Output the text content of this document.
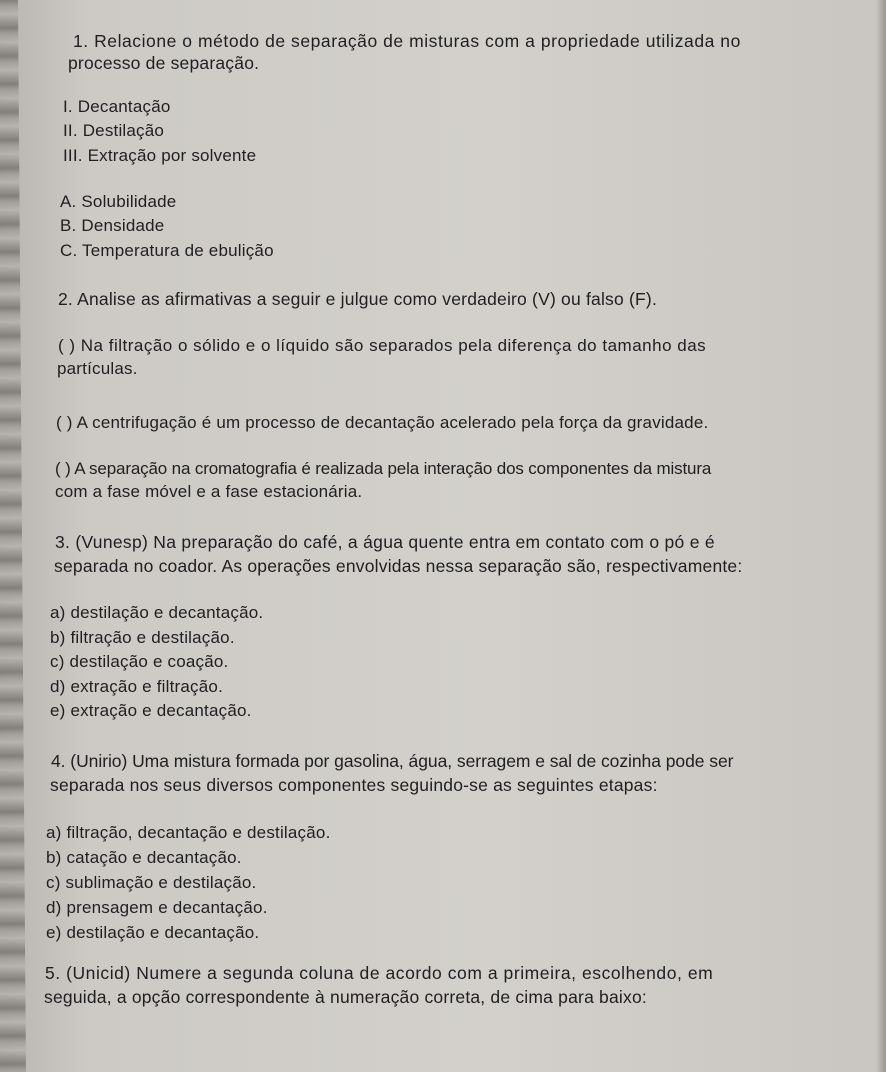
1. Relacione o método de separação de misturas com a propriedade utilizada no
processo de separação.
I. Decantação
II. Destilação
III. Extração por solvente
A. Solubilidade
B. Densidade
C. Temperatura de ebulição
2. Analise as afirmativas a seguir e julgue como verdadeiro (V) ou falso (F).
( ) Na filtração o sólido e o líquido são separados pela diferença do tamanho das
partículas.
( ) A centrifugação é um processo de decantação acelerado pela força da gravidade.
( ) A separação na cromatografia é realizada pela interação dos componentes da mistura
com a fase móvel e a fase estacionária.
3. (Vunesp) Na preparação do café, a água quente entra em contato com o pó e é
separada no coador. As operações envolvidas nessa separação são, respectivamente:
a) destilação e decantação.
b) filtração e destilação.
c) destilação e coação.
d) extração e filtração.
e) extração e decantação.
4. (Unirio) Uma mistura formada por gasolina, água, serragem e sal de cozinha pode ser
separada nos seus diversos componentes seguindo-se as seguintes etapas:
a) filtração, decantação e destilação.
b) catação e decantação.
c) sublimação e destilação.
d) prensagem e decantação.
e) destilação e decantação.
5. (Unicid) Numere a segunda coluna de acordo com a primeira, escolhendo, em
seguida, a opção correspondente à numeração correta, de cima para baixo:
